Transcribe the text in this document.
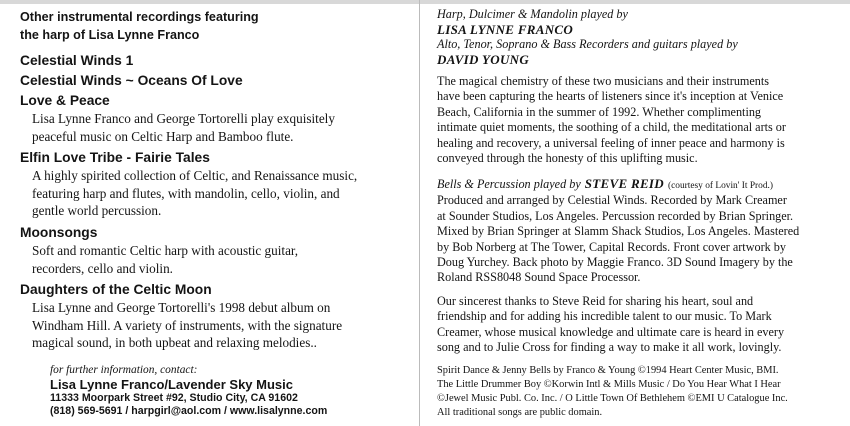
Other instrumental recordings featuring
the harp of Lisa Lynne Franco
Celestial Winds 1
Celestial Winds ~ Oceans Of Love
Love & Peace
Lisa Lynne Franco and George Tortorelli play exquisitely
peaceful music on Celtic Harp and Bamboo flute.
Elfin Love Tribe - Fairie Tales
A highly spirited collection of Celtic, and Renaissance music,
featuring harp and flutes, with mandolin, cello, violin, and
gentle world percussion.
Moonsongs
Soft and romantic Celtic harp with acoustic guitar,
recorders, cello and violin.
Daughters of the Celtic Moon
Lisa Lynne and George Tortorelli's 1998 debut album on
Windham Hill. A variety of instruments, with the signature
magical sound, in both upbeat and relaxing melodies..
for further information, contact:
Lisa Lynne Franco/Lavender Sky Music
11333 Moorpark Street #92, Studio City, CA 91602
(818) 569-5691 / harpgirl@aol.com / www.lisalynne.com
Harp, Dulcimer & Mandolin played by
LISA LYNNE FRANCO
Alto, Tenor, Soprano & Bass Recorders and guitars played by
DAVID YOUNG
The magical chemistry of these two musicians and their instruments
have been capturing the hearts of listeners since it's inception at Venice
Beach, California in the summer of 1992. Whether complimenting
intimate quiet moments, the soothing of a child, the meditational arts or
healing and recovery, a universal feeling of inner peace and harmony is
conveyed through the honesty of this uplifting music.
Bells & Percussion played by STEVE REID (courtesy of Lovin' It Prod.)
Produced and arranged by Celestial Winds. Recorded by Mark Creamer
at Sounder Studios, Los Angeles. Percussion recorded by Brian Springer.
Mixed by Brian Springer at Slamm Shack Studios, Los Angeles. Mastered
by Bob Norberg at The Tower, Capital Records. Front cover artwork by
Doug Yurchey. Back photo by Maggie Franco. 3D Sound Imagery by the
Roland RSS8048 Sound Space Processor.
Our sincerest thanks to Steve Reid for sharing his heart, soul and
friendship and for adding his incredible talent to our music. To Mark
Creamer, whose musical knowledge and ultimate care is heard in every
song and to Julie Cross for finding a way to make it all work, lovingly.
Spirit Dance & Jenny Bells by Franco & Young ©1994 Heart Center Music, BMI.
The Little Drummer Boy ©Korwin Intl & Mills Music / Do You Hear What I Hear
©Jewel Music Publ. Co. Inc. / O Little Town Of Bethlehem ©EMI U Catalogue Inc.
All traditional songs are public domain.
